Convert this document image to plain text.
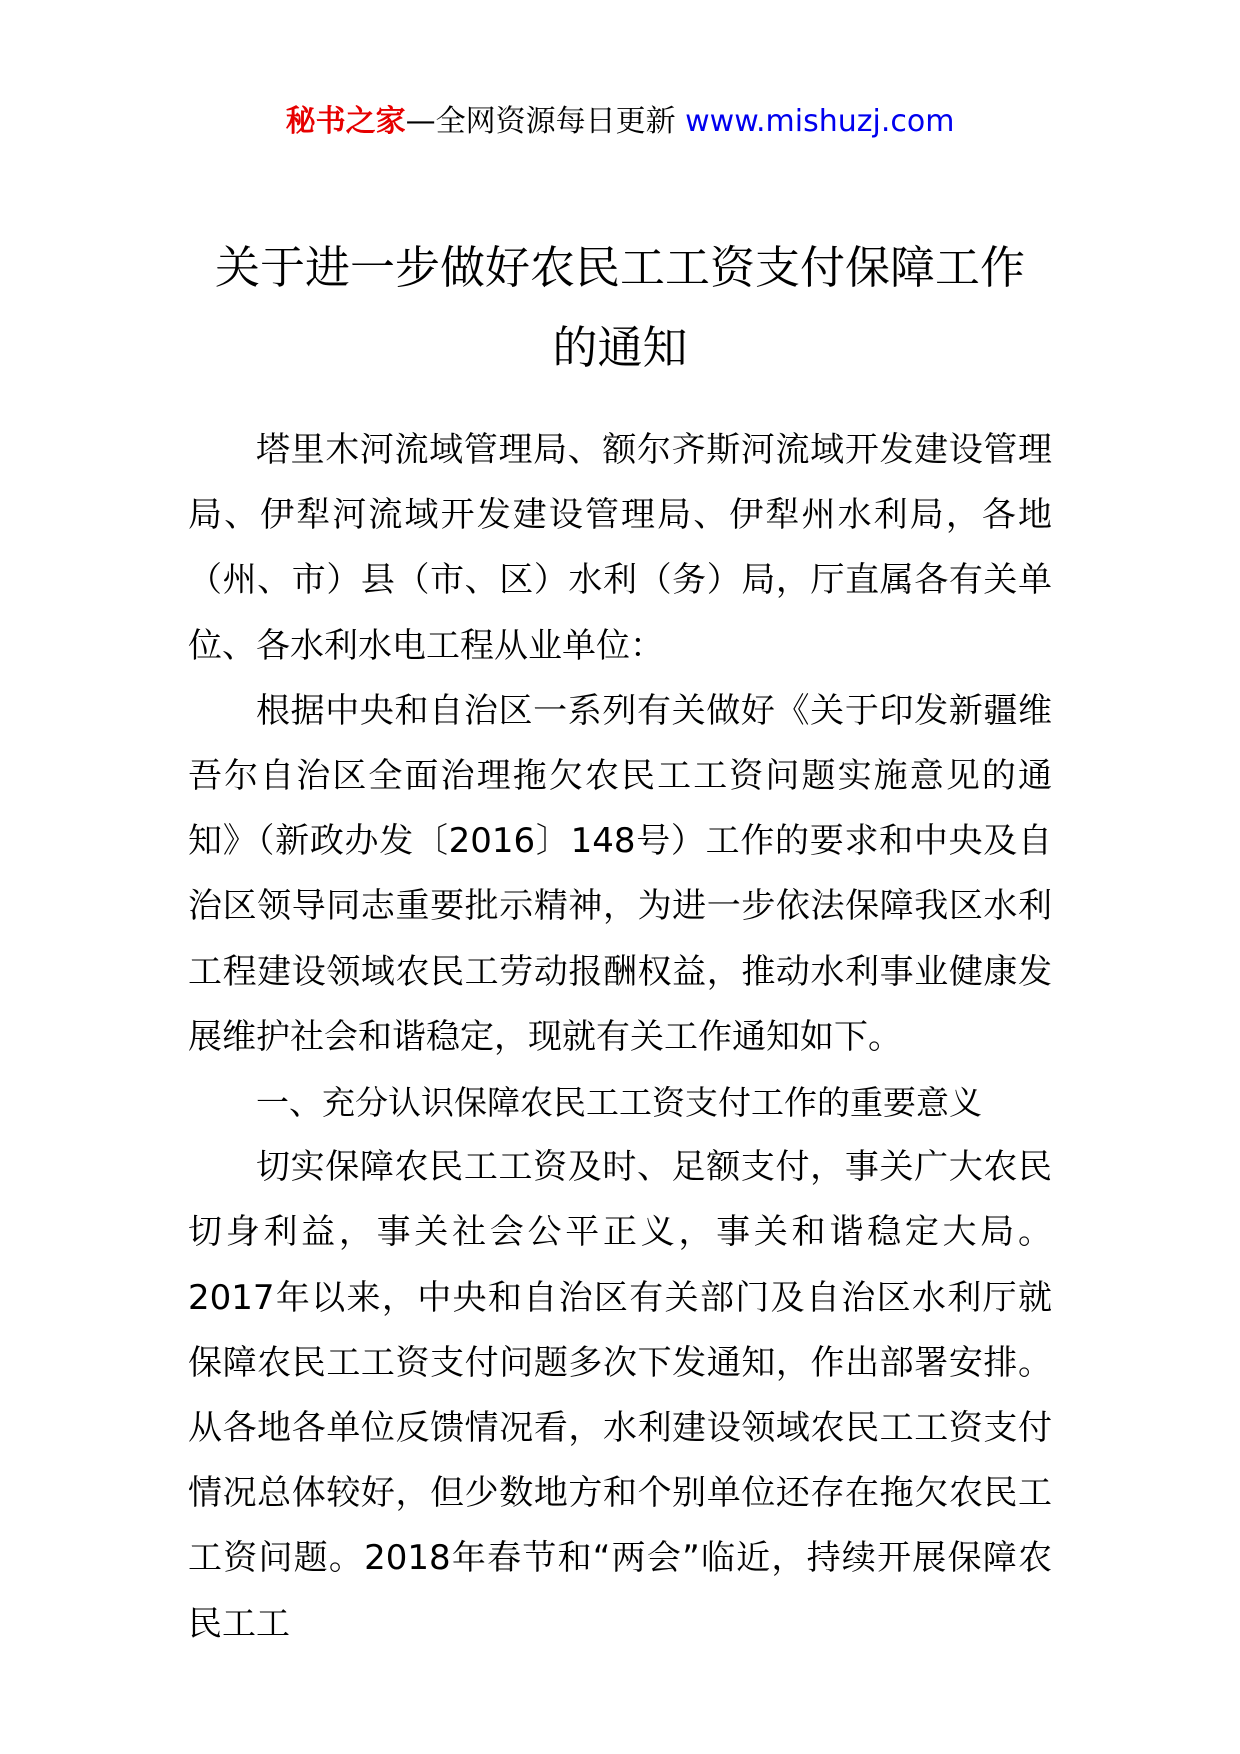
秘书之家—全网资源每日更新 www.mishuzj.com
关于进一步做好农民工工资支付保障工作
的通知

塔里木河流域管理局、额尔齐斯河流域开发建设管理局、伊犁河流域开发建设管理局、伊犁州水利局，各地（州、市）县（市、区）水利（务）局，厅直属各有关单位、各水利水电工程从业单位：

根据中央和自治区一系列有关做好《关于印发新疆维吾尔自治区全面治理拖欠农民工工资问题实施意见的通知》（新政办发〔2016〕148号）工作的要求和中央及自治区领导同志重要批示精神，为进一步依法保障我区水利工程建设领域农民工劳动报酬权益，推动水利事业健康发展维护社会和谐稳定，现就有关工作通知如下。

一、充分认识保障农民工工资支付工作的重要意义

切实保障农民工工资及时、足额支付，事关广大农民切身利益，事关社会公平正义，事关和谐稳定大局。2017年以来，中央和自治区有关部门及自治区水利厅就保障农民工工资支付问题多次下发通知，作出部署安排。从各地各单位反馈情况看，水利建设领域农民工工资支付情况总体较好，但少数地方和个别单位还存在拖欠农民工工资问题。2018年春节和“两会”临近，持续开展保障农民工工
